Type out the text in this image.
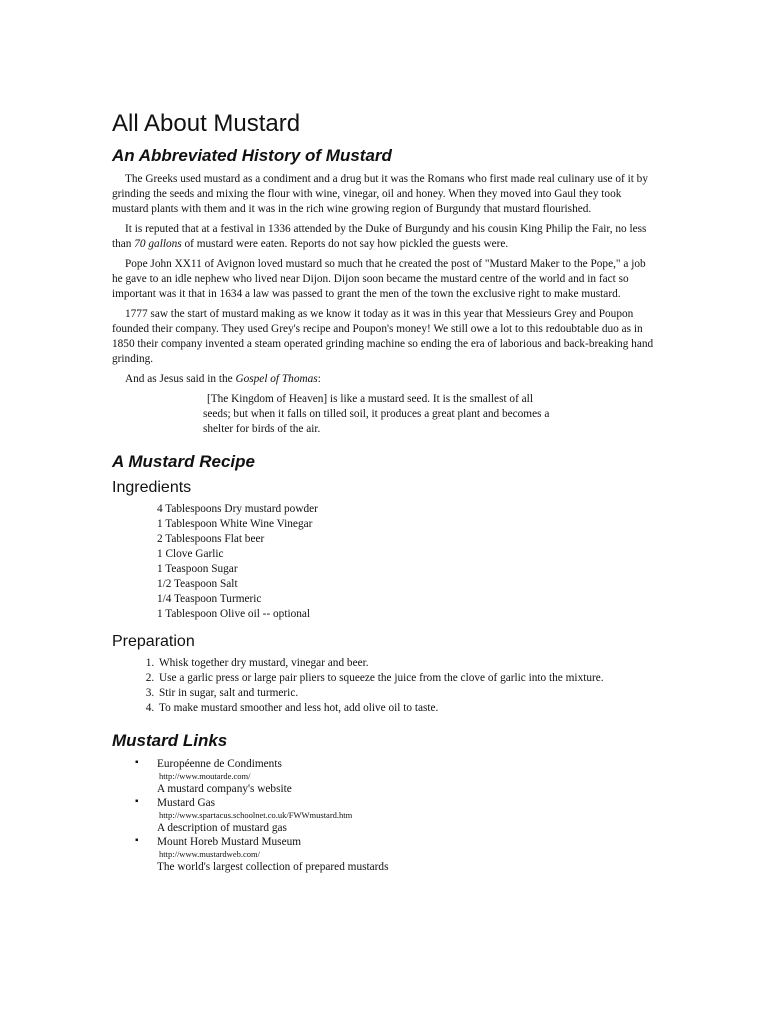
All About Mustard
An Abbreviated History of Mustard

The Greeks used mustard as a condiment and a drug but it was the Romans who first made real culinary use of it by grinding the seeds and mixing the flour with wine, vinegar, oil and honey. When they moved into Gaul they took mustard plants with them and it was in the rich wine growing region of Burgundy that mustard flourished.

It is reputed that at a festival in 1336 attended by the Duke of Burgundy and his cousin King Philip the Fair, no less than 70 gallons of mustard were eaten. Reports do not say how pickled the guests were.

Pope John XX11 of Avignon loved mustard so much that he created the post of "Mustard Maker to the Pope," a job he gave to an idle nephew who lived near Dijon. Dijon soon became the mustard centre of the world and in fact so important was it that in 1634 a law was passed to grant the men of the town the exclusive right to make mustard.

1777 saw the start of mustard making as we know it today as it was in this year that Messieurs Grey and Poupon founded their company. They used Grey's recipe and Poupon's money! We still owe a lot to this redoubtable duo as in 1850 their company invented a steam operated grinding machine so ending the era of laborious and back-breaking hand grinding.

And as Jesus said in the Gospel of Thomas:

[The Kingdom of Heaven] is like a mustard seed. It is the smallest of all seeds; but when it falls on tilled soil, it produces a great plant and becomes a shelter for birds of the air.
A Mustard Recipe
Ingredients
4 Tablespoons Dry mustard powder
1 Tablespoon White Wine Vinegar
2 Tablespoons Flat beer
1 Clove Garlic
1 Teaspoon Sugar
1/2 Teaspoon Salt
1/4 Teaspoon Turmeric
1 Tablespoon Olive oil -- optional
Preparation
1. Whisk together dry mustard, vinegar and beer.
2. Use a garlic press or large pair pliers to squeeze the juice from the clove of garlic into the mixture.
3. Stir in sugar, salt and turmeric.
4. To make mustard smoother and less hot, add olive oil to taste.
Mustard Links
▪ Européenne de Condiments
http://www.moutarde.com/
A mustard company's website
▪ Mustard Gas
http://www.spartacus.schoolnet.co.uk/FWWmustard.htm
A description of mustard gas
▪ Mount Horeb Mustard Museum
http://www.mustardweb.com/
The world's largest collection of prepared mustards
